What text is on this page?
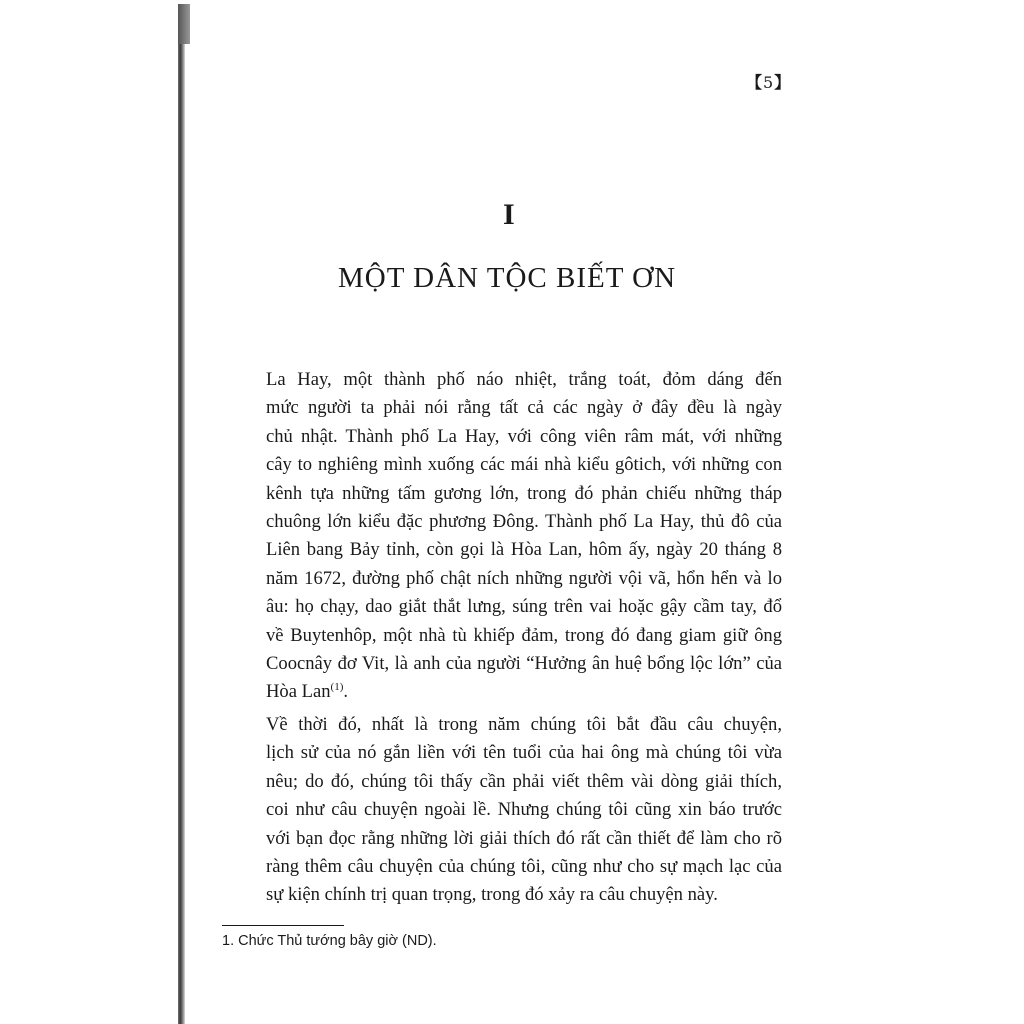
【5】
I
MỘT DÂN TỘC BIẾT ƠN

La Hay, một thành phố náo nhiệt, trắng toát, đỏm dáng đến
mức người ta phải nói rằng tất cả các ngày ở đây đều là ngày
chủ nhật. Thành phố La Hay, với công viên râm mát, với những
cây to nghiêng mình xuống các mái nhà kiểu gôtich, với những con
kênh tựa những tấm gương lớn, trong đó phản chiếu những tháp
chuông lớn kiểu đặc phương Đông. Thành phố La Hay, thủ đô của
Liên bang Bảy tỉnh, còn gọi là Hòa Lan, hôm ấy, ngày 20 tháng 8
năm 1672, đường phố chật ních những người vội vã, hổn hển và lo
âu: họ chạy, dao giắt thắt lưng, súng trên vai hoặc gậy cầm tay, đổ
về Buytenhôp, một nhà tù khiếp đảm, trong đó đang giam giữ ông
Coocnây đơ Vit, là anh của người “Hưởng ân huệ bổng lộc lớn” của
Hòa Lan$^{(1)}$.

Về thời đó, nhất là trong năm chúng tôi bắt đầu câu chuyện,
lịch sử của nó gắn liền với tên tuổi của hai ông mà chúng tôi vừa
nêu; do đó, chúng tôi thấy cần phải viết thêm vài dòng giải thích,
coi như câu chuyện ngoài lề. Nhưng chúng tôi cũng xin báo trước
với bạn đọc rằng những lời giải thích đó rất cần thiết để làm cho rõ
ràng thêm câu chuyện của chúng tôi, cũng như cho sự mạch lạc của
sự kiện chính trị quan trọng, trong đó xảy ra câu chuyện này.

1. Chức Thủ tướng bây giờ (ND).
